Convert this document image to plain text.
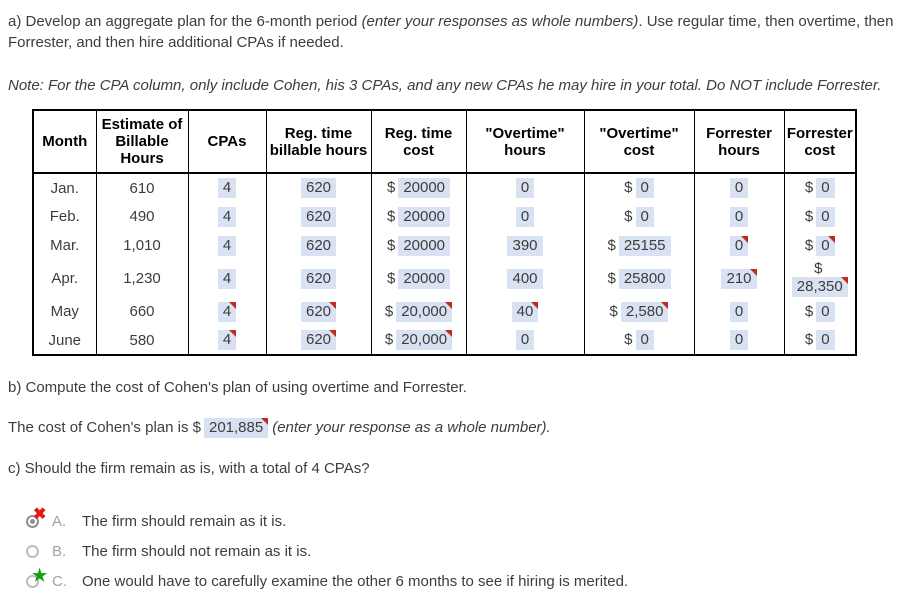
a) Develop an aggregate plan for the 6-month period (enter your responses as whole numbers). Use regular time, then overtime, then Forrester, and then hire additional CPAs if needed.

Note: For the CPA column, only include Cohen, his 3 CPAs, and any new CPAs he may hire in your total. Do NOT include Forrester.

Month	Estimate of Billable Hours	CPAs	Reg. time billable hours	Reg. time cost	"Overtime" hours	"Overtime" cost	Forrester hours	Forrester cost
Jan.	610	4	620	$ 20000	0	$ 0	0	$ 0
Feb.	490	4	620	$ 20000	0	$ 0	0	$ 0
Mar.	1,010	4	620	$ 20000	390	$ 25155	0	$ 0

Apr.	1,230	4	620	$ 20000	400	$ 25800	210	$28,350

May	660	4	620	$ 20,000	40	$ 2,580	0	$ 0
June	580	4	620	$ 20,000	0	$ 0	0	$ 0

b) Compute the cost of Cohen's plan of using overtime and Forrester.

The cost of Cohen's plan is $ 201,885 (enter your response as a whole number).

c) Should the firm remain as is, with a total of 4 CPAs?

✖ A.	The firm should remain as it is.
B.	The firm should not remain as it is.
★ C.	One would have to carefully examine the other 6 months to see if hiring is merited.
